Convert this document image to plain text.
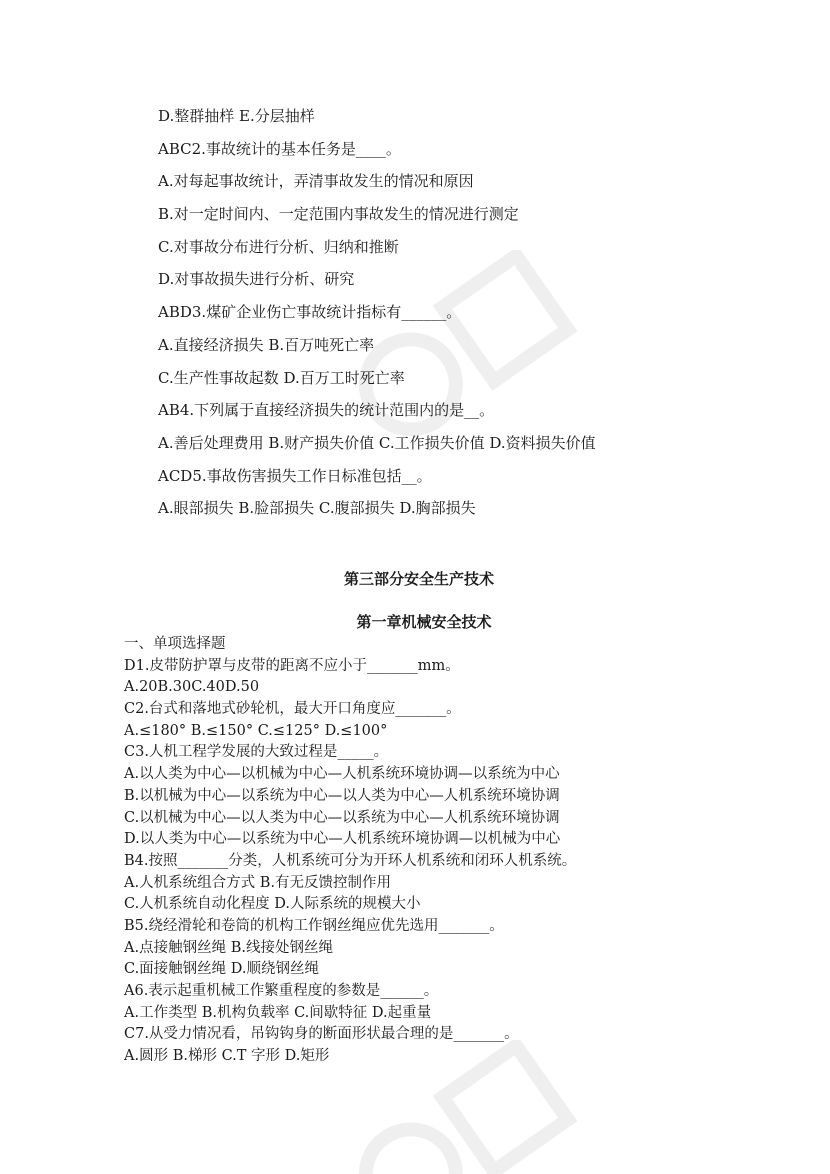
D.整群抽样 E.分层抽样
ABC2.事故统计的基本任务是____。
A.对每起事故统计，弄清事故发生的情况和原因
B.对一定时间内、一定范围内事故发生的情况进行测定
C.对事故分布进行分析、归纳和推断
D.对事故损失进行分析、研究
ABD3.煤矿企业伤亡事故统计指标有______。
A.直接经济损失 B.百万吨死亡率
C.生产性事故起数 D.百万工时死亡率
AB4.下列属于直接经济损失的统计范围内的是__。
A.善后处理费用 B.财产损失价值 C.工作损失价值 D.资料损失价值
ACD5.事故伤害损失工作日标准包括__。
A.眼部损失 B.脸部损失 C.腹部损失 D.胸部损失
第三部分安全生产技术
第一章机械安全技术
一、单项选择题
D1.皮带防护罩与皮带的距离不应小于_______mm。
A.20B.30C.40D.50
C2.台式和落地式砂轮机，最大开口角度应_______。
A.≤180° B.≤150° C.≤125° D.≤100°
C3.人机工程学发展的大致过程是_____。
A.以人类为中心—以机械为中心—人机系统环境协调—以系统为中心
B.以机械为中心—以系统为中心—以人类为中心—人机系统环境协调
C.以机械为中心—以人类为中心—以系统为中心—人机系统环境协调
D.以人类为中心—以系统为中心—人机系统环境协调—以机械为中心
B4.按照_______分类，人机系统可分为开环人机系统和闭环人机系统。
A.人机系统组合方式 B.有无反馈控制作用
C.人机系统自动化程度 D.人际系统的规模大小
B5.绕经滑轮和卷筒的机构工作钢丝绳应优先选用_______。
A.点接触钢丝绳 B.线接处钢丝绳
C.面接触钢丝绳 D.顺绕钢丝绳
A6.表示起重机械工作繁重程度的参数是______。
A.工作类型 B.机构负载率 C.间歇特征 D.起重量
C7.从受力情况看，吊钩钩身的断面形状最合理的是_______。
A.圆形 B.梯形 C.T 字形 D.矩形
